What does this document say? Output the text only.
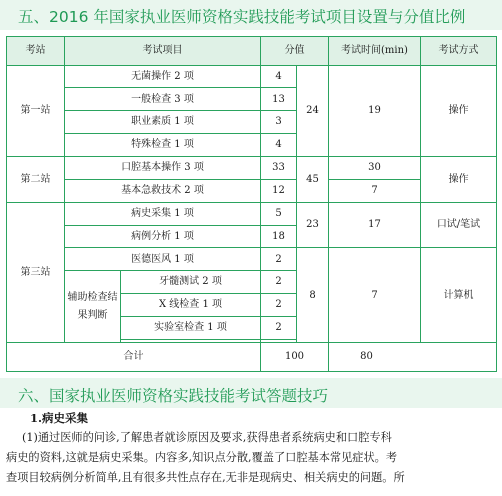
五、2016 年国家执业医师资格实践技能考试项目设置与分值比例
考站	考试项目		分值		考试时间(min)	考试方式
第一站	无菌操作 2 项		4	24	19	操作
	一般检查 3 项		13			
	职业素质 1 项		3			
	特殊检查 1 项		4			
第二站	口腔基本操作 3 项		33	45	30	操作
	基本急救技术 2 项		12		7	
第三站	病史采集 1 项		5	23	17	口试/笔试
	病例分析 1 项		18			
	医德医风 1 项		2	8	7	计算机

	辅助检查结果判断	牙髓测试 2 项	2			
		X 线检查 1 项	2			
		实验室检查 1 项	2			

合计			100		80	
六、国家执业医师资格实践技能考试答题技巧
1.病史采集
(1)通过医师的问诊,了解患者就诊原因及要求,获得患者系统病史和口腔专科
病史的资料,这就是病史采集。内容多,知识点分散,覆盖了口腔基本常见症状。考
查项目较病例分析简单,且有很多共性点存在,无非是现病史、相关病史的问题。所
